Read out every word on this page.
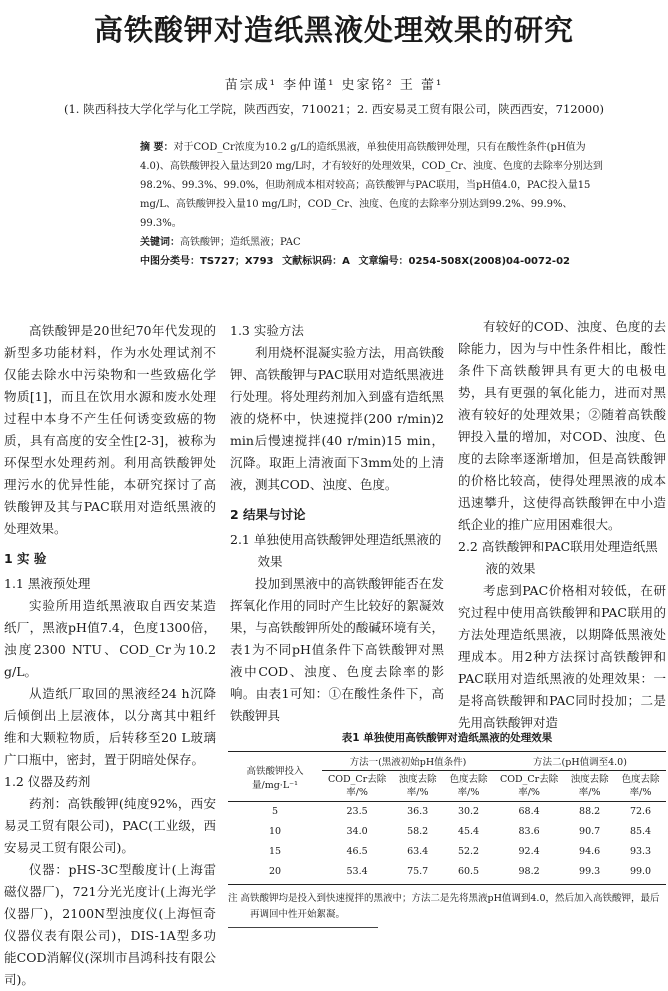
高铁酸钾对造纸黑液处理效果的研究
苗宗成¹ 李仲谨¹ 史家铭² 王 蕾¹
(1. 陕西科技大学化学与化工学院，陕西西安，710021；2. 西安易灵工贸有限公司，陕西西安，712000)
摘 要：对于COD_Cr浓度为10.2 g/L的造纸黑液，单独使用高铁酸钾处理，只有在酸性条件(pH值为4.0)、高铁酸钾投入量达到20 mg/L时，才有较好的处理效果，COD_Cr、浊度、色度的去除率分别达到98.2%、99.3%、99.0%，但助剂成本相对较高；高铁酸钾与PAC联用，当pH值4.0，PAC投入量15 mg/L、高铁酸钾投入量10 mg/L时，COD_Cr、浊度、色度的去除率分别达到99.2%、99.9%、99.3%。
关键词：高铁酸钾；造纸黑液；PAC
中图分类号：TS727；X793 文献标识码：A 文章编号：0254-508X(2008)04-0072-02

高铁酸钾是20世纪70年代发现的新型多功能材料，作为水处理试剂不仅能去除水中污染物和一些致癌化学物质[1]，而且在饮用水源和废水处理过程中本身不产生任何诱变致癌的物质，具有高度的安全性[2-3]，被称为环保型水处理药剂。利用高铁酸钾处理污水的优异性能，本研究探讨了高铁酸钾及其与PAC联用对造纸黑液的处理效果。

1 实 验
1.1 黑液预处理

实验所用造纸黑液取自西安某造纸厂，黑液pH值7.4，色度1300倍，浊度2300 NTU、COD_Cr为10.2 g/L。

从造纸厂取回的黑液经24 h沉降后倾倒出上层液体，以分离其中粗纤维和大颗粒物质，后转移至20 L玻璃广口瓶中，密封，置于阴暗处保存。

1.2 仪器及药剂

药剂：高铁酸钾(纯度92%，西安易灵工贸有限公司)，PAC(工业级，西安易灵工贸有限公司)。

仪器：pHS-3C型酸度计(上海雷磁仪器厂)，721分光光度计(上海光学仪器厂)，2100N型浊度仪(上海恒奇仪器仪表有限公司)，DIS-1A型多功能COD消解仪(深圳市昌鸿科技有限公司)。

1.3 实验方法

利用烧杯混凝实验方法，用高铁酸钾、高铁酸钾与PAC联用对造纸黑液进行处理。将处理药剂加入到盛有造纸黑液的烧杯中，快速搅拌(200 r/min)2 min后慢速搅拌(40 r/min)15 min，沉降。取距上清液面下3mm处的上清液，测其COD、浊度、色度。

2 结果与讨论
2.1 单独使用高铁酸钾处理造纸黑液的效果

投加到黑液中的高铁酸钾能否在发挥氧化作用的同时产生比较好的絮凝效果，与高铁酸钾所处的酸碱环境有关，表1为不同pH值条件下高铁酸钾对黑液中COD、浊度、色度去除率的影响。由表1可知：①在酸性条件下，高铁酸钾具

有较好的COD、浊度、色度的去除能力，因为与中性条件相比，酸性条件下高铁酸钾具有更大的电极电势，具有更强的氧化能力，进而对黑液有较好的处理效果；②随着高铁酸钾投入量的增加，对COD、浊度、色度的去除率逐渐增加，但是高铁酸钾的价格比较高，使得处理黑液的成本迅速攀升，这使得高铁酸钾在中小造纸企业的推广应用困难很大。

2.2 高铁酸钾和PAC联用处理造纸黑液的效果

考虑到PAC价格相对较低，在研究过程中使用高铁酸钾和PAC联用的方法处理造纸黑液，以期降低黑液处理成本。用2种方法探讨高铁酸钾和PAC联用对造纸黑液的处理效果：一是将高铁酸钾和PAC同时投加；二是先用高铁酸钾对造

表1 单独使用高铁酸钾对造纸黑液的处理效果
高铁酸钾投入量/mg·L⁻¹	方法一(黑液初始pH值条件)			方法二(pH值调至4.0)		
	COD_Cr去除率/%	浊度去除率/%	色度去除率/%	COD_Cr去除率/%	浊度去除率/%	色度去除率/%
5	23.5	36.3	30.2	68.4	88.2	72.6
10	34.0	58.2	45.4	83.6	90.7	85.4
15	46.5	63.4	52.2	92.4	94.6	93.3
20	53.4	75.7	60.5	98.2	99.3	99.0
注 高铁酸钾均是投入到快速搅拌的黑液中；方法二是先将黑液pH值调到4.0，然后加入高铁酸钾，最后再调回中性开始絮凝。
